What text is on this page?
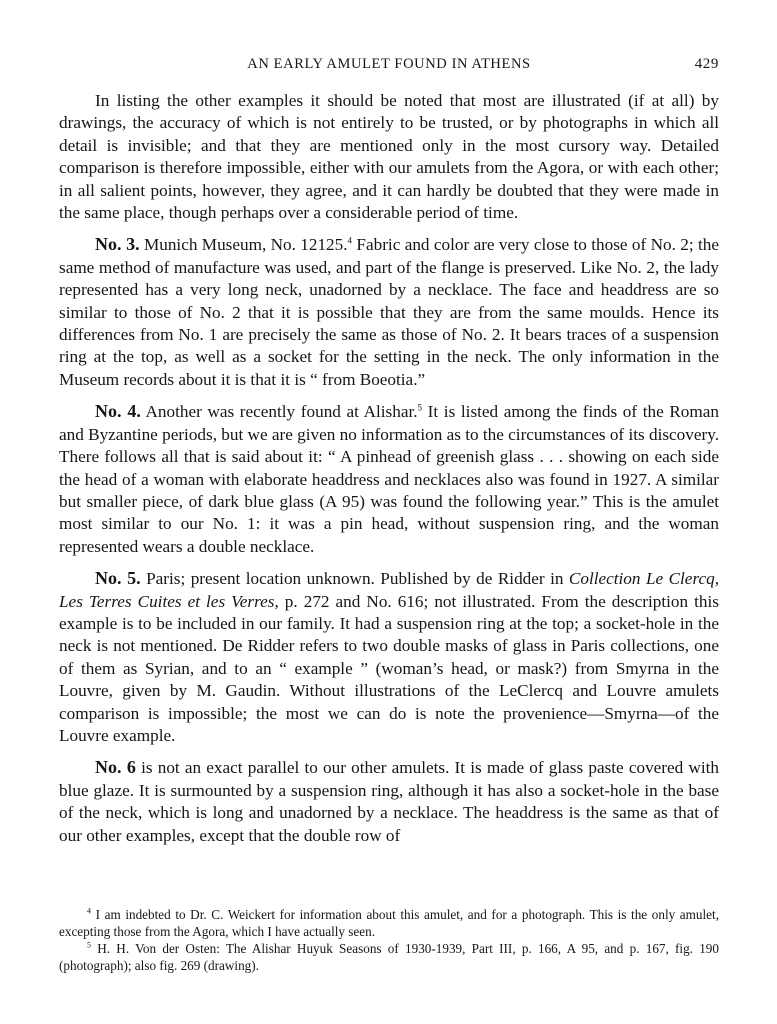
AN EARLY AMULET FOUND IN ATHENS	429

In listing the other examples it should be noted that most are illustrated (if at all) by drawings, the accuracy of which is not entirely to be trusted, or by photographs in which all detail is invisible; and that they are mentioned only in the most cursory way. Detailed comparison is therefore impossible, either with our amulets from the Agora, or with each other; in all salient points, however, they agree, and it can hardly be doubted that they were made in the same place, though perhaps over a considerable period of time.

No. 3. Munich Museum, No. 12125.$^4$ Fabric and color are very close to those of No. 2; the same method of manufacture was used, and part of the flange is preserved. Like No. 2, the lady represented has a very long neck, unadorned by a necklace. The face and headdress are so similar to those of No. 2 that it is possible that they are from the same moulds. Hence its differences from No. 1 are precisely the same as those of No. 2. It bears traces of a suspension ring at the top, as well as a socket for the setting in the neck. The only information in the Museum records about it is that it is “ from Boeotia.”

No. 4. Another was recently found at Alishar.$^5$ It is listed among the finds of the Roman and Byzantine periods, but we are given no information as to the circumstances of its discovery. There follows all that is said about it: “ A pinhead of greenish glass . . . showing on each side the head of a woman with elaborate headdress and necklaces also was found in 1927. A similar but smaller piece, of dark blue glass (A 95) was found the following year.” This is the amulet most similar to our No. 1: it was a pin head, without suspension ring, and the woman represented wears a double necklace.

No. 5. Paris; present location unknown. Published by de Ridder in Collection Le Clercq, Les Terres Cuites et les Verres, p. 272 and No. 616; not illustrated. From the description this example is to be included in our family. It had a suspension ring at the top; a socket-hole in the neck is not mentioned. De Ridder refers to two double masks of glass in Paris collections, one of them as Syrian, and to an “ example ” (woman’s head, or mask?) from Smyrna in the Louvre, given by M. Gaudin. Without illustrations of the LeClercq and Louvre amulets comparison is impossible; the most we can do is note the provenience—Smyrna—of the Louvre example.

No. 6 is not an exact parallel to our other amulets. It is made of glass paste covered with blue glaze. It is surmounted by a suspension ring, although it has also a socket-hole in the base of the neck, which is long and unadorned by a necklace. The headdress is the same as that of our other examples, except that the double row of

$^4$ I am indebted to Dr. C. Weickert for information about this amulet, and for a photograph. This is the only amulet, excepting those from the Agora, which I have actually seen.

$^5$ H. H. Von der Osten: The Alishar Huyuk Seasons of 1930-1939, Part III, p. 166, A 95, and p. 167, fig. 190 (photograph); also fig. 269 (drawing).
